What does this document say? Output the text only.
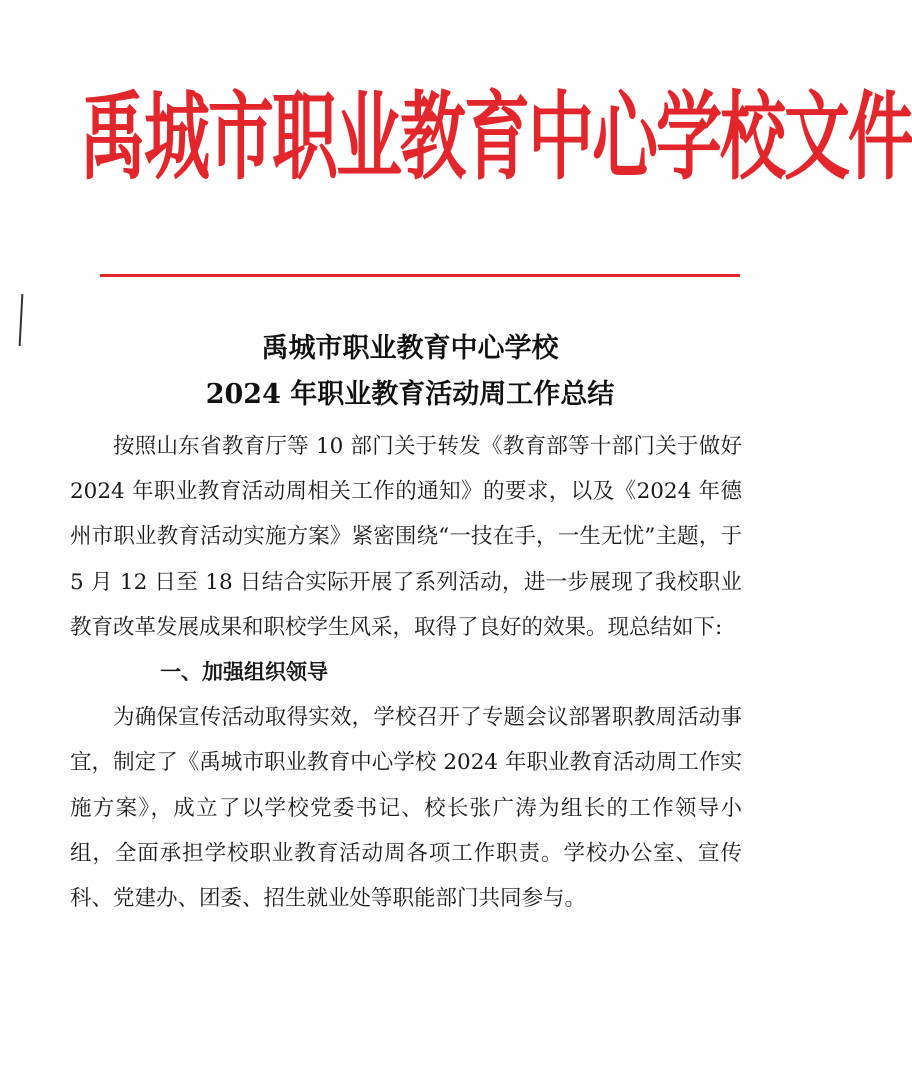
禹城市职业教育中心学校文件
禹城市职业教育中心学校
2024 年职业教育活动周工作总结

按照山东省教育厅等 10 部门关于转发《教育部等十部门关于做好 2024 年职业教育活动周相关工作的通知》的要求，以及《2024 年德州市职业教育活动实施方案》紧密围绕“一技在手，一生无忧”主题，于 5 月 12 日至 18 日结合实际开展了系列活动，进一步展现了我校职业教育改革发展成果和职校学生风采，取得了良好的效果。现总结如下:

一、加强组织领导

为确保宣传活动取得实效，学校召开了专题会议部署职教周活动事宜，制定了《禹城市职业教育中心学校 2024 年职业教育活动周工作实施方案》，成立了以学校党委书记、校长张广涛为组长的工作领导小组，全面承担学校职业教育活动周各项工作职责。学校办公室、宣传科、党建办、团委、招生就业处等职能部门共同参与。
